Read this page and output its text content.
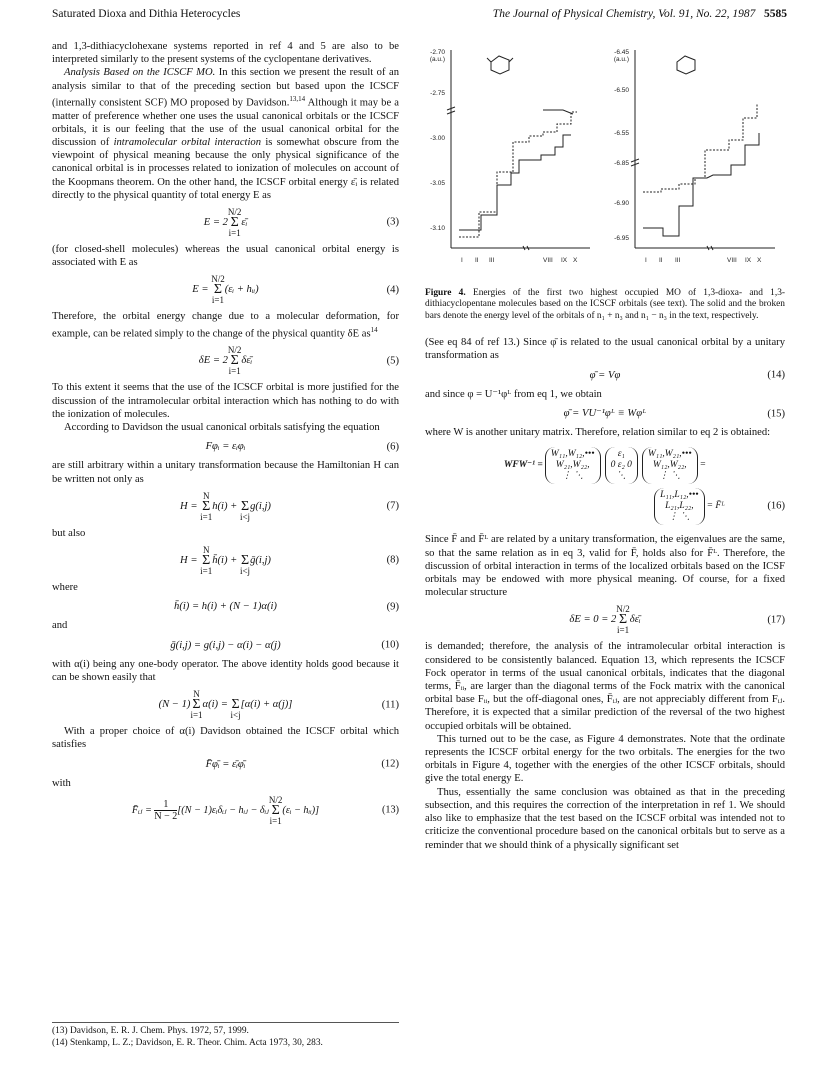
Saturated Dioxa and Dithia Heterocycles	The Journal of Physical Chemistry, Vol. 91, No. 22, 1987 5585

and 1,3-dithiacyclohexane systems reported in ref 4 and 5 are also to be interpreted similarly to the present systems of the cyclopentane derivatives.

Analysis Based on the ICSCF MO. In this section we present the result of an analysis similar to that of the preceding section but based upon the ICSCF (internally consistent SCF) MO proposed by Davidson.$^{13,14}$ Although it may be a matter of preference whether one uses the usual canonical orbitals or the ICSCF orbitals, it is our feeling that the use of the usual canonical orbital for the discussion of intramolecular orbital interaction is somewhat obscure from the viewpoint of physical meaning because the only physical significance of the canonical orbital is in processes related to ionization of molecules on account of the Koopmans theorem. On the other hand, the ICSCF orbital energy ε̄ᵢ is related directly to the physical quantity of total energy E as

E = 2N/2
Σ
i=1ε̄ᵢ	(3)

(for closed-shell molecules) whereas the usual canonical orbital energy is associated with E as

E = N/2
Σ
i=1(εᵢ + hᵢᵢ)	(4)

Therefore, the orbital energy change due to a molecular deformation, for example, can be related simply to the change of the physical quantity δE $as^{14}$

δE = 2N/2
Σ
i=1δε̄ᵢ	(5)

To this extent it seems that the use of the ICSCF orbital is more justified for the discussion of the intramolecular orbital interaction which has nothing to do with the ionization of molecules.

According to Davidson the usual canonical orbitals satisfying the equation

Fφᵢ = εᵢφᵢ	(6)

are still arbitrary within a unitary transformation because the Hamiltonian H can be written not only as

H = N
Σ
i=1h(i) + Σ
i<jg(i,j)	(7)

but also

H = N
Σ
i=1h̄(i) + Σ
i<jḡ(i,j)	(8)

where

h̄(i) = h(i) + (N − 1)α(i)	(9)

and

ḡ(i,j) = g(i,j) − α(i) − α(j)	(10)

with α(i) being any one-body operator. The above identity holds good because it can be shown easily that

(N − 1)N
Σ
i=1α(i) = Σ
i<j[α(i) + α(j)]	(11)

With a proper choice of α(i) Davidson obtained the ICSCF orbital which satisfies

F̄φ̄ᵢ = ε̄ᵢφ̄ᵢ	(12)

with

F̄ᵢⱼ = $\frac{1}{N - 2} [(N$ − 1)εᵢδᵢⱼ − hᵢⱼ − δᵢⱼN/2
Σ
i=1(εᵢ − hᵢᵢ)]	(13)
(13) Davidson, E. R. J. Chem. Phys. 1972, 57, 1999.
(14) Stenkamp, L. Z.; Davidson, E. R. Theor. Chim. Acta 1973, 30, 283.
-2.70
(a.u.)
-2.75
-3.00
-3.05
-3.10
-6.45
(a.u.)
-6.50
-6.55
-6.85
-6.90
-6.95
I II III	VIII IX X	I II III	VIII IX X

Figure 4. Energies of the first two highest occupied MO of 1,3-dioxa- and 1,3-dithiacyclopentane molecules based on the ICSCF orbitals (see text). The solid and the broken bars denote the energy level of the orbitals of n₁ + n₃ and n₁ − n₃ in the text, respectively.

(See eq 84 of ref 13.) Since φ̄ is related to the usual canonical orbital by a unitary transformation as

φ̄ = Vφ	(14)

and since φ = U⁻¹φᴸ from eq 1, we obtain

φ̄ = VU⁻¹φᴸ ≡ Wφᴸ	(15)

where W is another unitary matrix. Therefore, relation similar to eq 2 is obtained:

WFW⁻¹ =
W₁₁,W₁₂,•••
W₂₁,W₂₂,
⋮ ⋱
ε₁
0 ε₂ 0
⋱
W₁₁,W₂₁,•••
W₁₂,W₂₂,
⋮ ⋱
=
L₁₁,L₁₂,•••
L₂₁,L₂₂,
⋮ ⋱
= F̄ᴸ	(16)

Since F̄ and F̄ᴸ are related by a unitary transformation, the eigenvalues are the same, so that the same relation as in eq 3, valid for F̄, holds also for F̄ᴸ. Therefore, the discussion of orbital interaction in terms of the localized orbitals based on the ICSF orbitals may be endowed with more physical meaning. Of course, for a fixed molecular structure

δE = 0 = 2N/2
Σ
i=1δε̄ᵢ	(17)

is demanded; therefore, the analysis of the intramolecular orbital interaction is considered to be consistently balanced. Equation 13, which represents the ICSCF Fock operator in terms of the usual canonical orbitals, indicates that the diagonal terms, F̄ᵢᵢ, are larger than the diagonal terms of the Fock matrix with the canonical orbital base Fᵢᵢ, but the off-diagonal ones, F̄ᵢⱼ, are not appreciably different from Fᵢⱼ. Therefore, it is expected that a similar prediction of the reversal of the two highest occupied orbitals will be obtained.

This turned out to be the case, as Figure 4 demonstrates. Note that the ordinate represents the ICSCF orbital energy for the two orbitals. The energies for the two orbitals in Figure 4, together with the energies of the other ICSCF orbitals, should give the total energy E.

Thus, essentially the same conclusion was obtained as that in the preceding subsection, and this requires the correction of the interpretation in ref 1. We should also like to emphasize that the test based on the ICSCF orbital was intended not to criticize the conventional procedure based on the canonical orbitals but to serve as a reminder that we should think of a physically significant set
